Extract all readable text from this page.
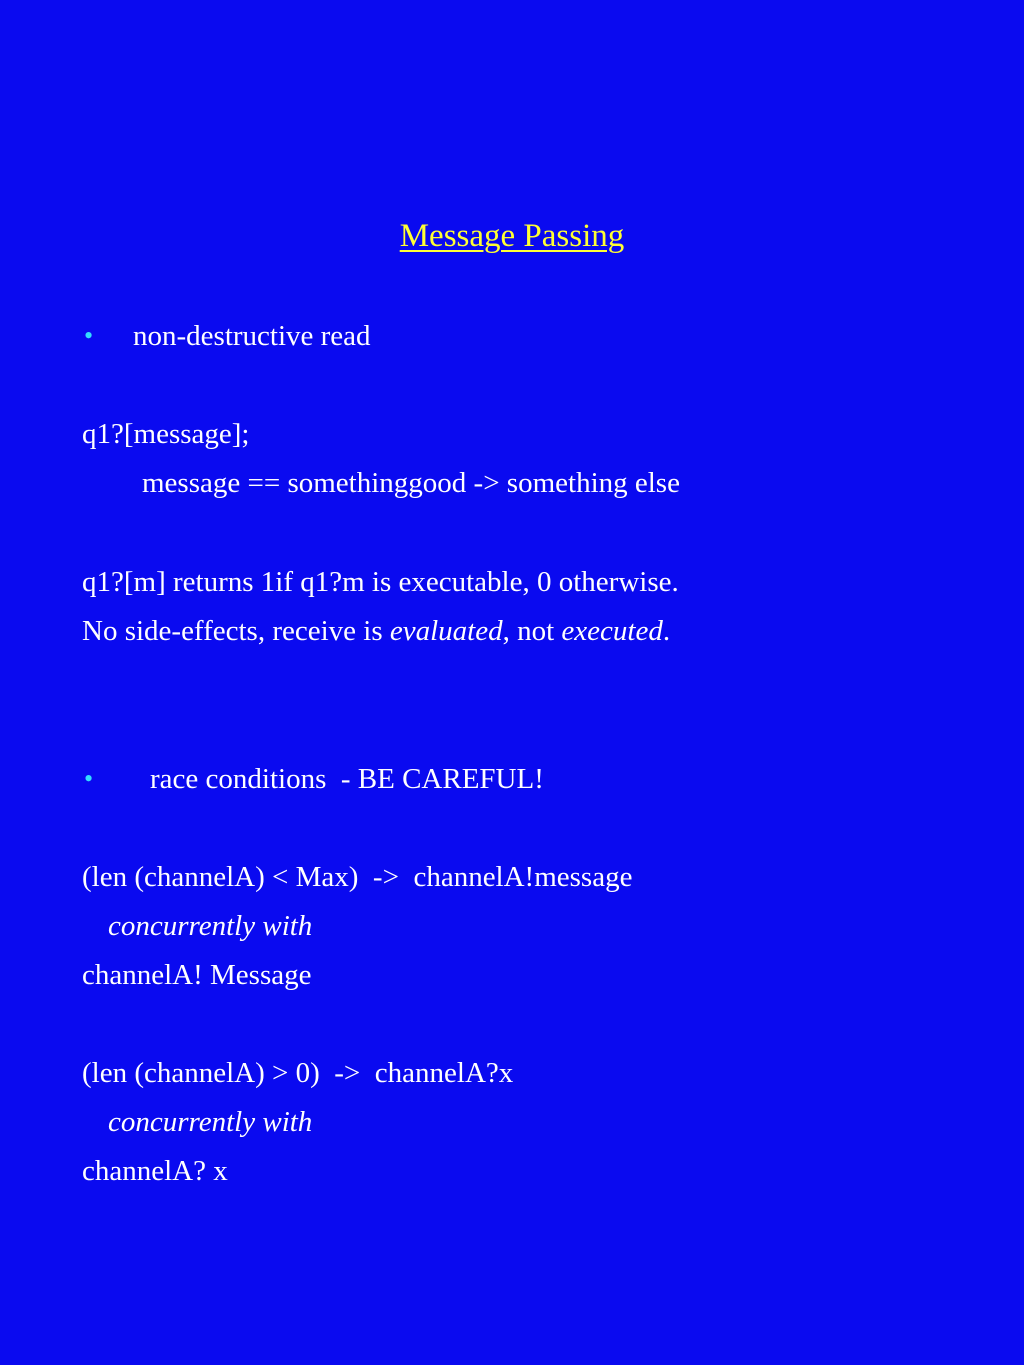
Message Passing
• non-destructive read
q1?[message];
message == somethinggood -> something else
q1?[m] returns 1if q1?m is executable, 0 otherwise.
No side-effects, receive is evaluated, not executed.
• race conditions  - BE CAREFUL!
(len (channelA) < Max)  ->  channelA!message
concurrently with
channelA! Message
(len (channelA) > 0)  ->  channelA?x
concurrently with
channelA? x
